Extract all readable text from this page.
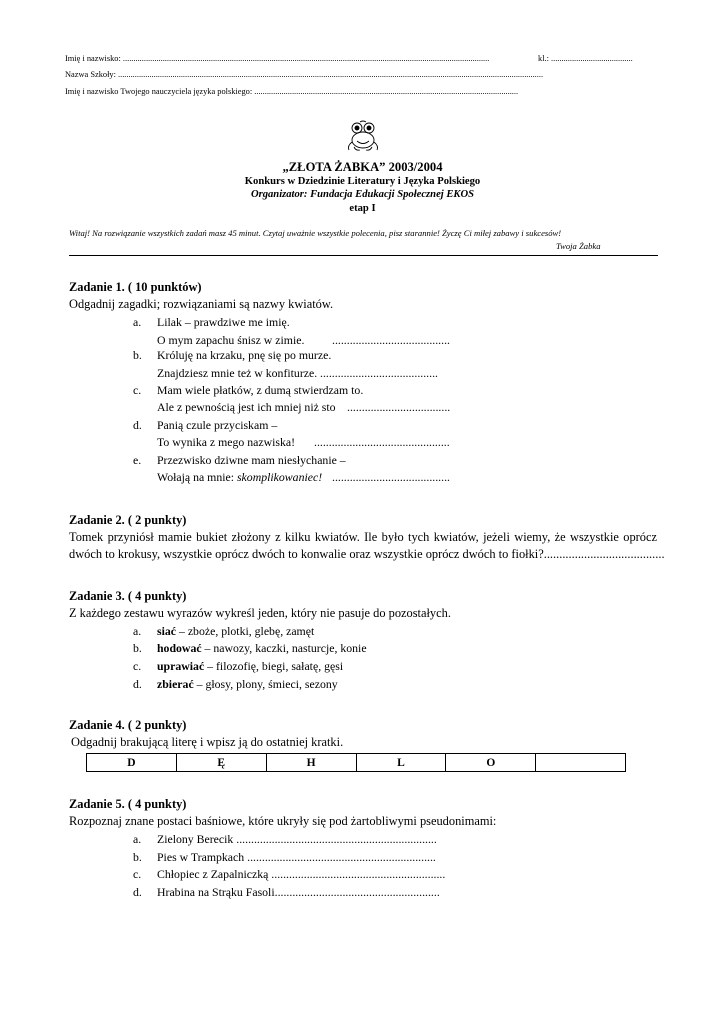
Imię i nazwisko: ...............................................................................................................................................................................	kl.: .......................................
Nazwa Szkoły: ...........................................................................................................................................................................................................
Imię i nazwisko Twojego nauczyciela języka polskiego: ..............................................................................................................................
„ZŁOTA ŻABKA” 2003/2004
Konkurs w Dziedzinie Literatury i Języka Polskiego
Organizator: Fundacja Edukacji Społecznej EKOS
etap I
Witaj! Na rozwiązanie wszystkich zadań masz 45 minut. Czytaj uważnie wszystkie polecenia, pisz starannie! Życzę Ci miłej zabawy i sukcesów!
Twoja Żabka
Zadanie 1. ( 10 punktów)
Odgadnij zagadki; rozwiązaniami są nazwy kwiatów.
a. Lilak – prawdziwe me imię.
O mym zapachu śnisz w zimie. ........................................
b. Króluję na krzaku, pnę się po murze.
Znajdziesz mnie też w konfiturze. ........................................
c. Mam wiele płatków, z dumą stwierdzam to.
Ale z pewnością jest ich mniej niż sto ...................................
d. Panią czule przyciskam –
To wynika z mego nazwiska! ..............................................
e. Przezwisko dziwne mam niesłychanie –
Wołają na mnie: skomplikowaniec! ........................................
Zadanie 2. ( 2 punkty)
Tomek przyniósł mamie bukiet złożony z kilku kwiatów. Ile było tych kwiatów, jeżeli wiemy, że wszystkie oprócz
dwóch to krokusy, wszystkie oprócz dwóch to konwalie oraz wszystkie oprócz dwóch to fiołki?.......................................
Zadanie 3. ( 4 punkty)
Z każdego zestawu wyrazów wykreśl jeden, który nie pasuje do pozostałych.
a. siać – zboże, plotki, glebę, zamęt
b. hodować – nawozy, kaczki, nasturcje, konie
c. uprawiać – filozofię, biegi, sałatę, gęsi
d. zbierać – głosy, plony, śmieci, sezony
Zadanie 4. ( 2 punkty)
Odgadnij brakującą literę i wpisz ją do ostatniej kratki.
D	Ę	H	L	O	
Zadanie 5. ( 4 punkty)
Rozpoznaj znane postaci baśniowe, które ukryły się pod żartobliwymi pseudonimami:
a. Zielony Berecik ....................................................................
b. Pies w Trampkach ................................................................
c. Chłopiec z Zapalniczką ...........................................................
d. Hrabina na Strąku Fasoli........................................................
